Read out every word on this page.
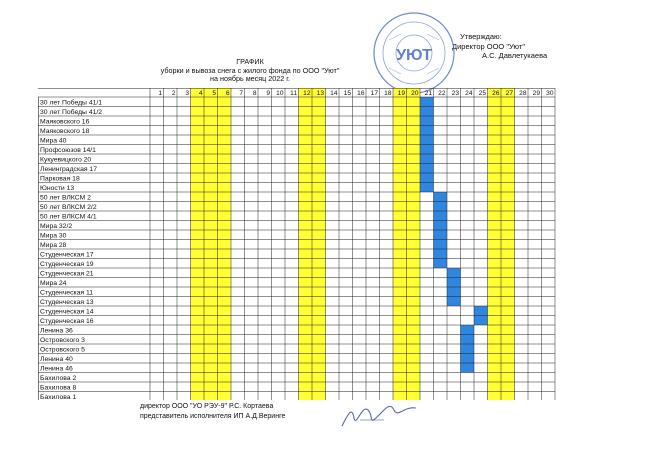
Утверждаю:
Директор ООО "Уют"
А.С. Давлетукаева
УЮТ
ГРАФИК
уборки и вывоза снега с жилого фонда по ООО "Уют"
на ноябрь месяц 2022 г.
1 2 3 4 5 6 7 8 9 10 11 12 13 14 15 16 17 18 19 20 21 22 23 24 25 26 27 28 29 30
30 лет Победы 41/1
30 лет Победы 41/2
Маяковского 16
Маяковского 18
Мира 40
Профсоюзов 14/1
Кукуевицкого 20
Ленинградская 17
Парковая 18
Юности 13
50 лет ВЛКСМ 2
50 лет ВЛКСМ 2/2
50 лет ВЛКСМ 4/1
Мира 32/2
Мира 30
Мира 28
Студенческая 17
Студенческая 19
Студенческая 21
Мира 24
Студенческая 11
Студенческая 13
Студенческая 14
Студенческая 16
Ленина 36
Островского 3
Островского 5
Ленина 40
Ленина 46
Бахилова 2
Бахилова 8
Бахилова 1
директор ООО "УО РЭУ-9" Р.С. Кортаева
представитель исполнителя ИП А.Д.Веринге
